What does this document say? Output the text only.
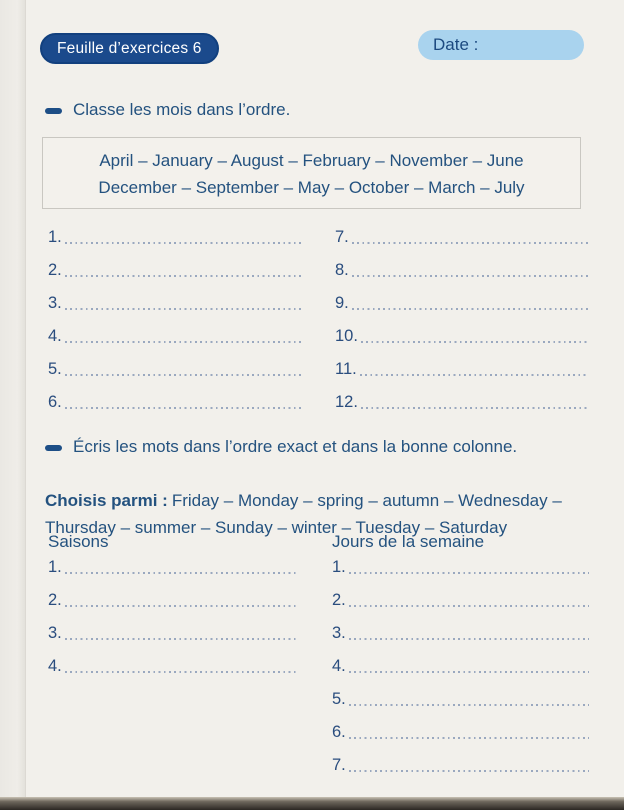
Feuille d’exercices 6	Date :
Classe les mois dans l’ordre.
April – January – August – February – November – June
December – September – May – October – March – July
1.
2.
3.
4.
5.
6.
7.
8.
9.
10.
11.
12.
Écris les mots dans l’ordre exact et dans la bonne colonne.

Choisis parmi : Friday – Monday – spring – autumn – Wednesday – Thursday – summer – Sunday – winter – Tuesday – Saturday

Saisons	Jours de la semaine
1.
2.
3.
4.
1.
2.
3.
4.
5.
6.
7.
